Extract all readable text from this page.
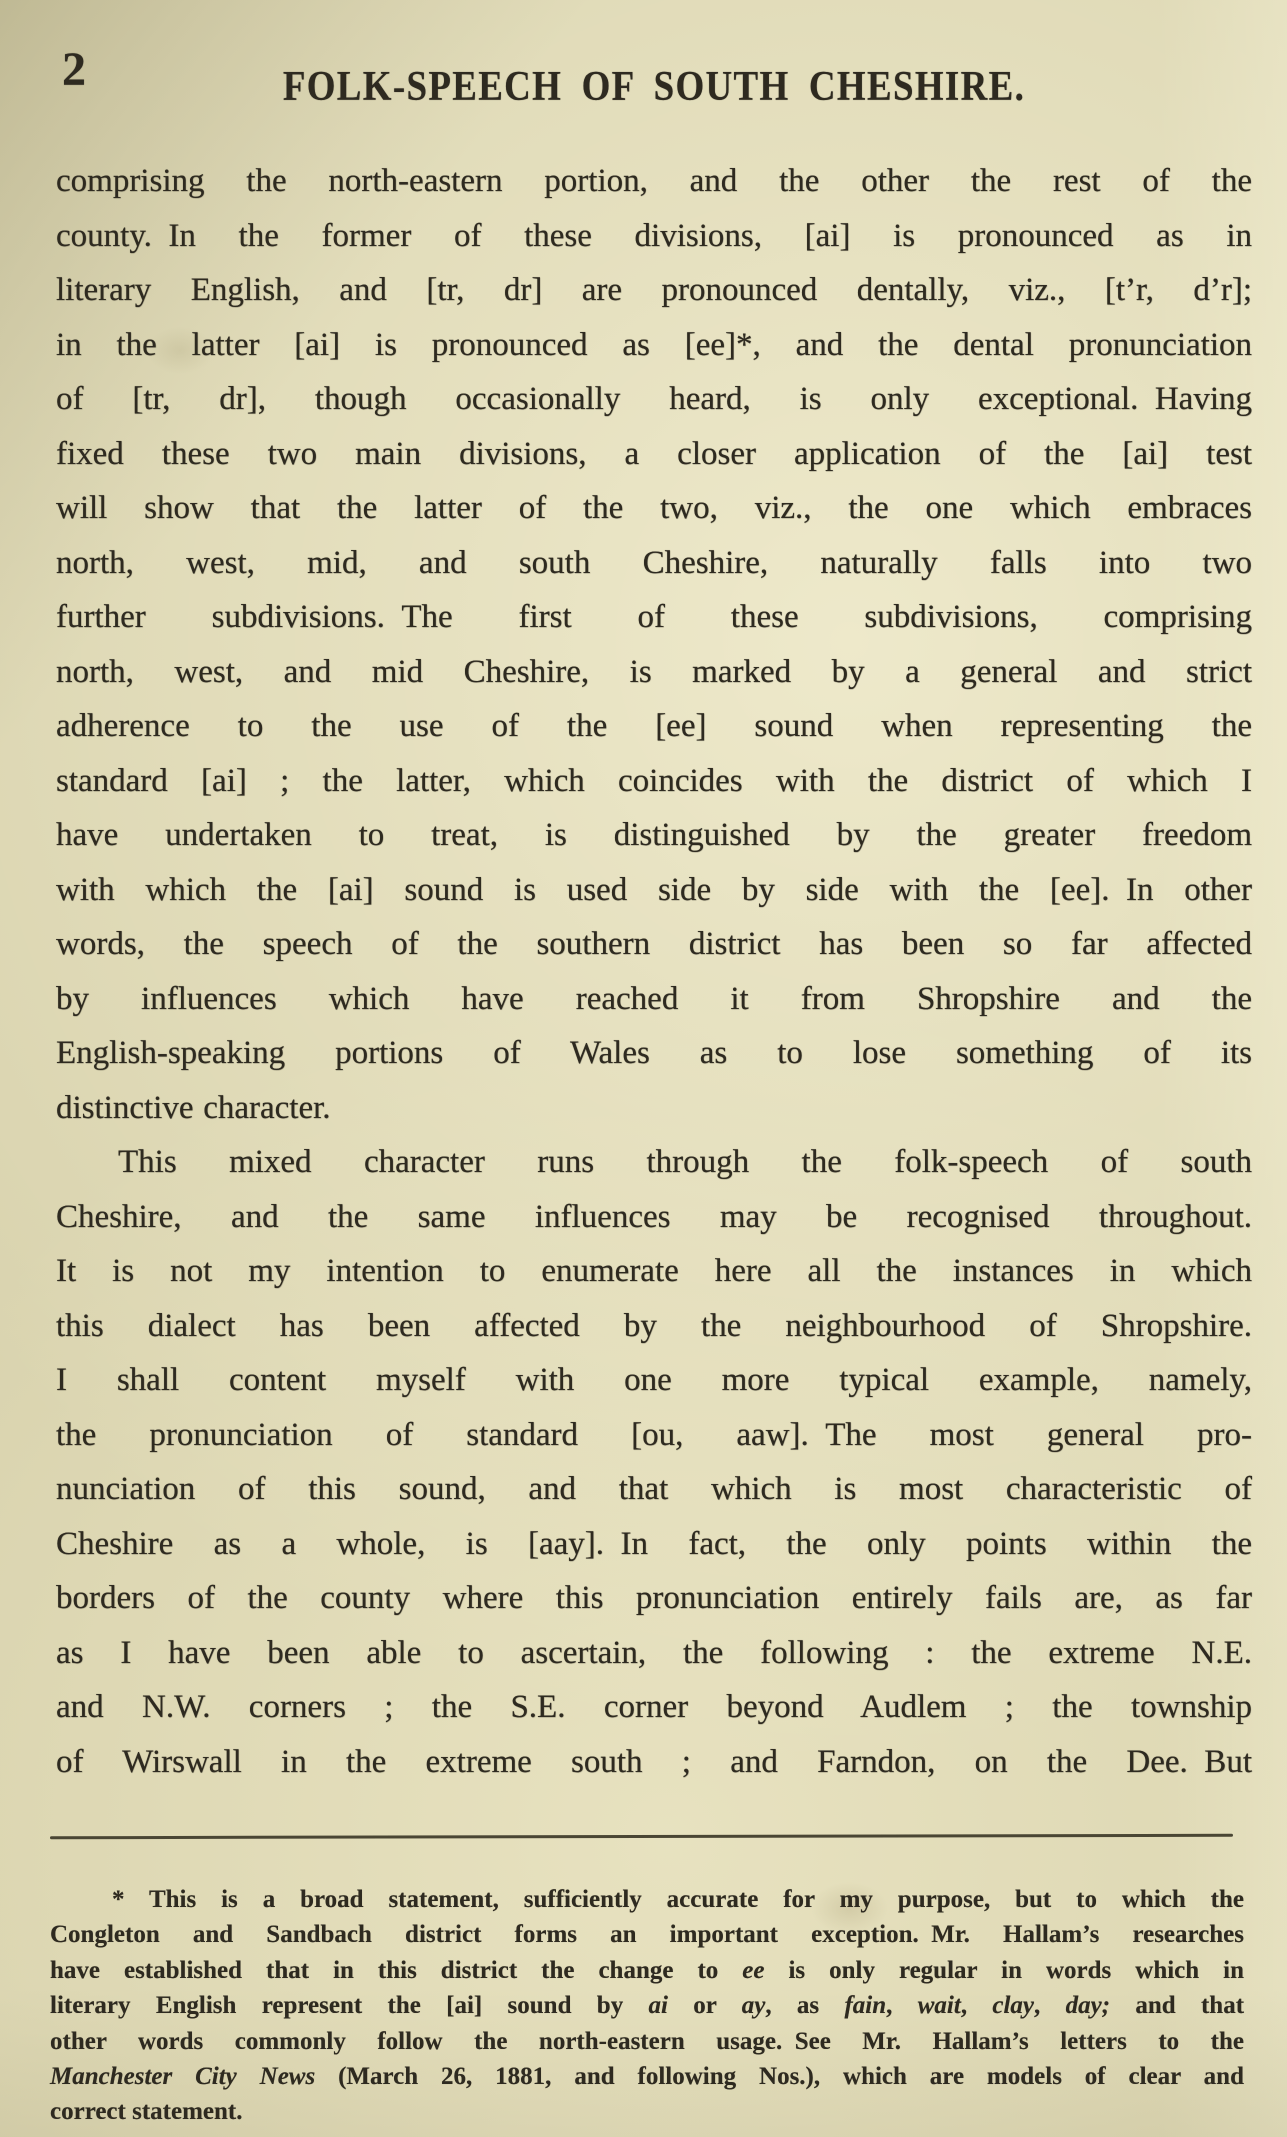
2	FOLK-SPEECH OF SOUTH CHESHIRE.
comprising the north-eastern portion, and the other the rest of the
county. In the former of these divisions, [ai] is pronounced as in
literary English, and [tr, dr] are pronounced dentally, viz., [t’r, d’r];
in the latter [ai] is pronounced as [ee]*, and the dental pronunciation
of [tr, dr], though occasionally heard, is only exceptional. Having
fixed these two main divisions, a closer application of the [ai] test
will show that the latter of the two, viz., the one which embraces
north, west, mid, and south Cheshire, naturally falls into two
further subdivisions. The first of these subdivisions, comprising
north, west, and mid Cheshire, is marked by a general and strict
adherence to the use of the [ee] sound when representing the
standard [ai] ; the latter, which coincides with the district of which I
have undertaken to treat, is distinguished by the greater freedom
with which the [ai] sound is used side by side with the [ee]. In other
words, the speech of the southern district has been so far affected
by influences which have reached it from Shropshire and the
English-speaking portions of Wales as to lose something of its
distinctive character.
This mixed character runs through the folk-speech of south
Cheshire, and the same influences may be recognised throughout.
It is not my intention to enumerate here all the instances in which
this dialect has been affected by the neighbourhood of Shropshire.
I shall content myself with one more typical example, namely,
the pronunciation of standard [ou, aaw]. The most general pro-
nunciation of this sound, and that which is most characteristic of
Cheshire as a whole, is [aay]. In fact, the only points within the
borders of the county where this pronunciation entirely fails are, as far
as I have been able to ascertain, the following : the extreme N.E.
and N.W. corners ; the S.E. corner beyond Audlem ; the township
of Wirswall in the extreme south ; and Farndon, on the Dee. But
* This is a broad statement, sufficiently accurate for my purpose, but to which the
Congleton and Sandbach district forms an important exception. Mr. Hallam’s researches
have established that in this district the change to ee is only regular in words which in
literary English represent the [ai] sound by ai or ay, as fain, wait, clay, day; and that
other words commonly follow the north-eastern usage. See Mr. Hallam’s letters to the
Manchester City News (March 26, 1881, and following Nos.), which are models of clear and
correct statement.
